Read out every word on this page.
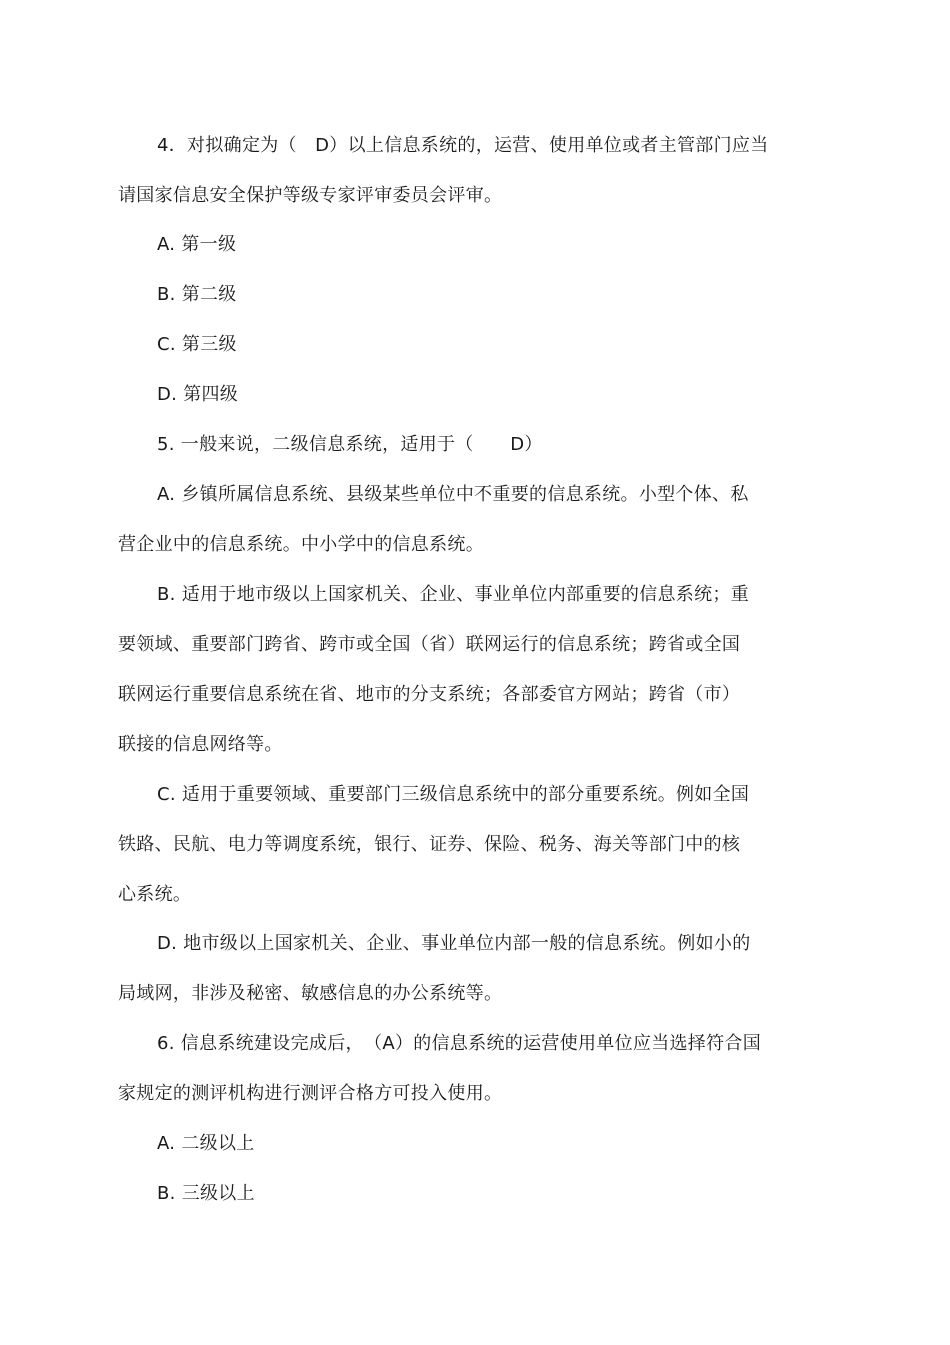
4．对拟确定为（　D）以上信息系统的，运营、使用单位或者主管部门应当
请国家信息安全保护等级专家评审委员会评审。
A. 第一级
B. 第二级
C. 第三级
D. 第四级
5. 一般来说，二级信息系统，适用于（　　D）
A. 乡镇所属信息系统、县级某些单位中不重要的信息系统。小型个体、私
营企业中的信息系统。中小学中的信息系统。
B. 适用于地市级以上国家机关、企业、事业单位内部重要的信息系统；重
要领域、重要部门跨省、跨市或全国（省）联网运行的信息系统；跨省或全国
联网运行重要信息系统在省、地市的分支系统；各部委官方网站；跨省（市）
联接的信息网络等。
C. 适用于重要领域、重要部门三级信息系统中的部分重要系统。例如全国
铁路、民航、电力等调度系统，银行、证券、保险、税务、海关等部门中的核
心系统。
D. 地市级以上国家机关、企业、事业单位内部一般的信息系统。例如小的
局域网，非涉及秘密、敏感信息的办公系统等。
6. 信息系统建设完成后，　（A）的信息系统的运营使用单位应当选择符合国
家规定的测评机构进行测评合格方可投入使用。
A. 二级以上
B. 三级以上
